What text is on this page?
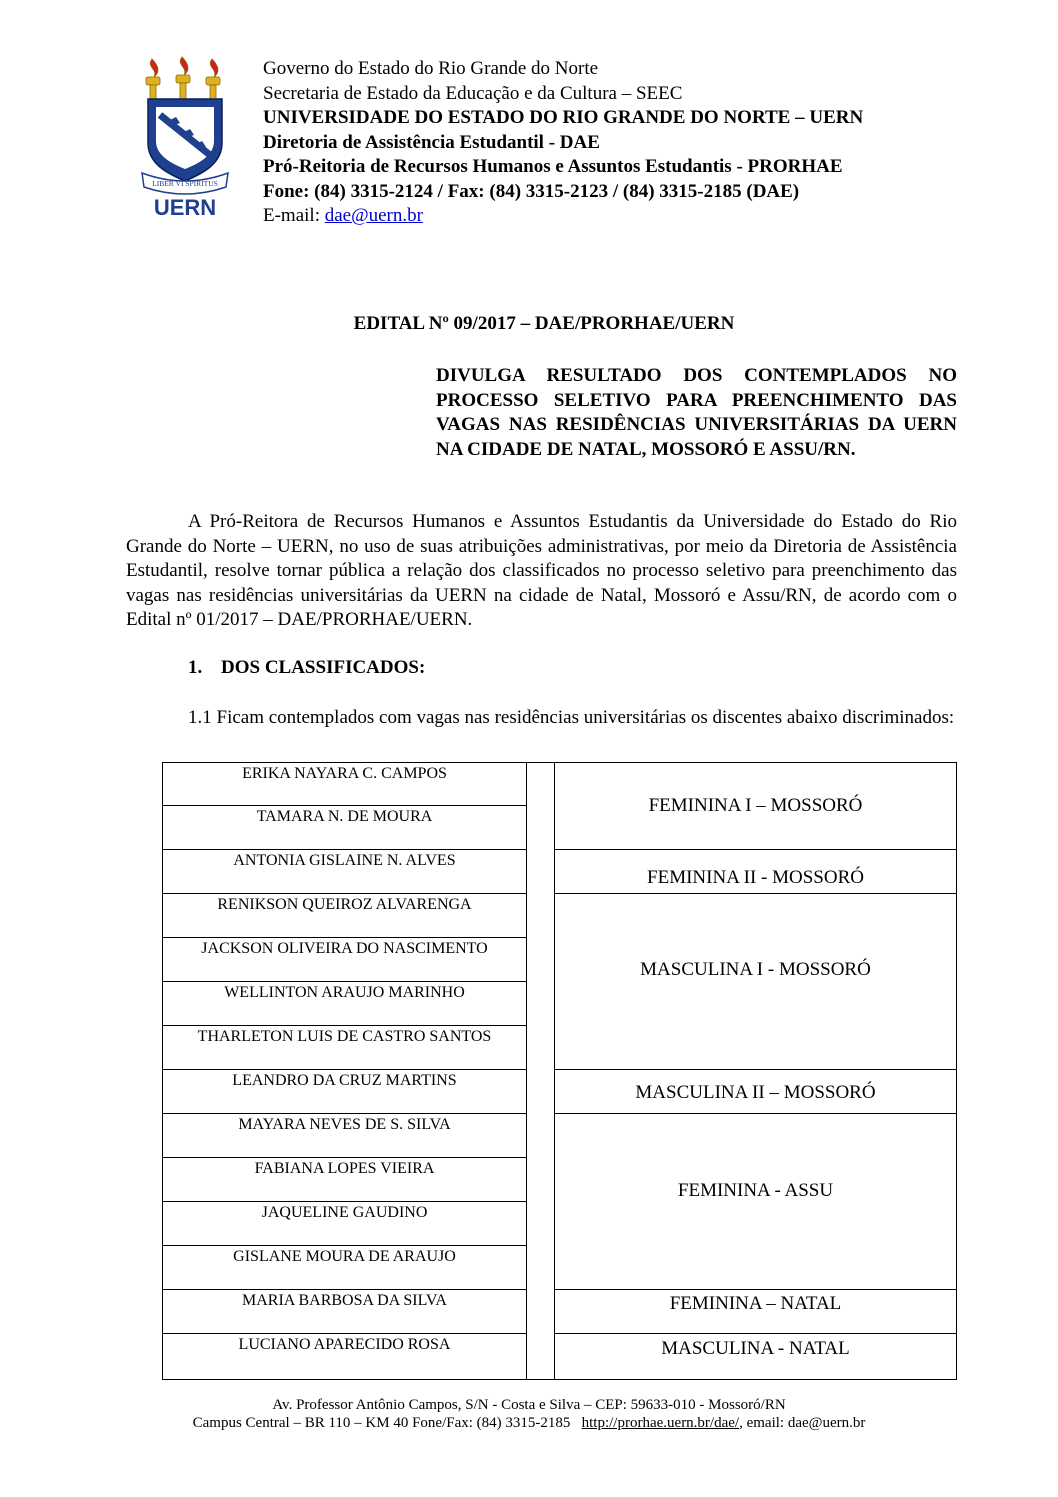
LIBER VI SPIRITUS
UERN
Governo do Estado do Rio Grande do Norte
Secretaria de Estado da Educação e da Cultura – SEEC
UNIVERSIDADE DO ESTADO DO RIO GRANDE DO NORTE – UERN
Diretoria de Assistência Estudantil - DAE
Pró-Reitoria de Recursos Humanos e Assuntos Estudantis - PRORHAE
Fone: (84) 3315-2124 / Fax: (84) 3315-2123 / (84) 3315-2185 (DAE)
E-mail: dae@uern.br
EDITAL Nº 09/2017 – DAE/PRORHAE/UERN
DIVULGA RESULTADO DOS CONTEMPLADOS NO PROCESSO SELETIVO PARA PREENCHIMENTO DAS VAGAS NAS RESIDÊNCIAS UNIVERSITÁRIAS DA UERN NA CIDADE DE NATAL, MOSSORÓ E ASSU/RN.
A Pró-Reitora de Recursos Humanos e Assuntos Estudantis da Universidade do Estado do Rio Grande do Norte – UERN, no uso de suas atribuições administrativas, por meio da Diretoria de Assistência Estudantil, resolve tornar pública a relação dos classificados no processo seletivo para preenchimento das vagas nas residências universitárias da UERN na cidade de Natal, Mossoró e Assu/RN, de acordo com o Edital nº 01/2017 – DAE/PRORHAE/UERN.
1. DOS CLASSIFICADOS:
1.1 Ficam contemplados com vagas nas residências universitárias os discentes abaixo discriminados:
ERIKA NAYARA C. CAMPOS
TAMARA N. DE MOURA
ANTONIA GISLAINE N. ALVES
RENIKSON QUEIROZ ALVARENGA
JACKSON OLIVEIRA DO NASCIMENTO
WELLINTON ARAUJO MARINHO
THARLETON LUIS DE CASTRO SANTOS
LEANDRO DA CRUZ MARTINS
MAYARA NEVES DE S. SILVA
FABIANA LOPES VIEIRA
JAQUELINE GAUDINO
GISLANE MOURA DE ARAUJO
MARIA BARBOSA DA SILVA
LUCIANO APARECIDO ROSA
FEMININA I – MOSSORÓ
FEMININA II - MOSSORÓ
MASCULINA I - MOSSORÓ
MASCULINA II – MOSSORÓ
FEMININA - ASSU
FEMININA – NATAL
MASCULINA - NATAL
Av. Professor Antônio Campos, S/N - Costa e Silva – CEP: 59633-010 - Mossoró/RN
Campus Central – BR 110 – KM 40 Fone/Fax: (84) 3315-2185   http://prorhae.uern.br/dae/, email: dae@uern.br
